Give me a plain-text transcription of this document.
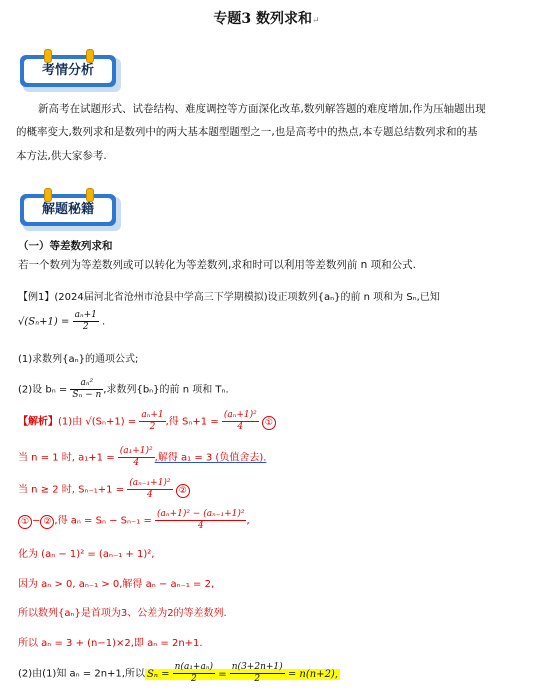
专题3 数列求和↵
考情分析
新高考在试题形式、试卷结构、难度调控等方面深化改革,数列解答题的难度增加,作为压轴题出现
的概率变大,数列求和是数列中的两大基本题型题型之一,也是高考中的热点,本专题总结数列求和的基
本方法,供大家参考.
解题秘籍
（一）等差数列求和
若一个数列为等差数列或可以转化为等差数列,求和时可以利用等差数列前 n 项和公式.
【例1】(2024届河北省沧州市沧县中学高三下学期模拟)设正项数列{aₙ}的前 n 项和为 Sₙ,已知
$√(S_n+1) = \frac{\text{aₙ+1}}{2}$ .
(1)求数列{aₙ}的通项公式;
(2)设 $b_n = \frac{\text{aₙ²}}{\text{Sₙ − n}}$ ,求数列{bₙ}的前 n 项和 Tₙ.
【解析】(1)由 $√(S_n+1) = \frac{\text{aₙ+1}}{2}$ ,得 $S_n+1 = \frac{\text{(aₙ+1)²}}{4}$ ①
当 n = 1 时, $a_1+1 = \frac{\text{(a₁+1)²}}{4}$ ,解得 a₁ = 3 (负值舍去).
当 n ≥ 2 时, $S_{n-1}+1 = \frac{\text{(aₙ₋₁+1)²}}{4}$ ②
① − ② ,得 $a_n = S_n - S_{n-1} = \frac{\text{(aₙ+1)² − (aₙ₋₁+1)²}}{4}$ ,
化为 (aₙ − 1)² = (aₙ₋₁ + 1)²,
因为 aₙ > 0, aₙ₋₁ > 0,解得 aₙ − aₙ₋₁ = 2,
所以数列{aₙ}是首项为3、公差为2的等差数列.
所以 aₙ = 3 + (n−1)×2,即 aₙ = 2n+1.
(2)由(1)知 aₙ = 2n+1,所以 $S_n = \frac{\text{n(a₁+aₙ)}}{2} = \frac{n(3+2n+1)}{2} = n(n+2)$,
